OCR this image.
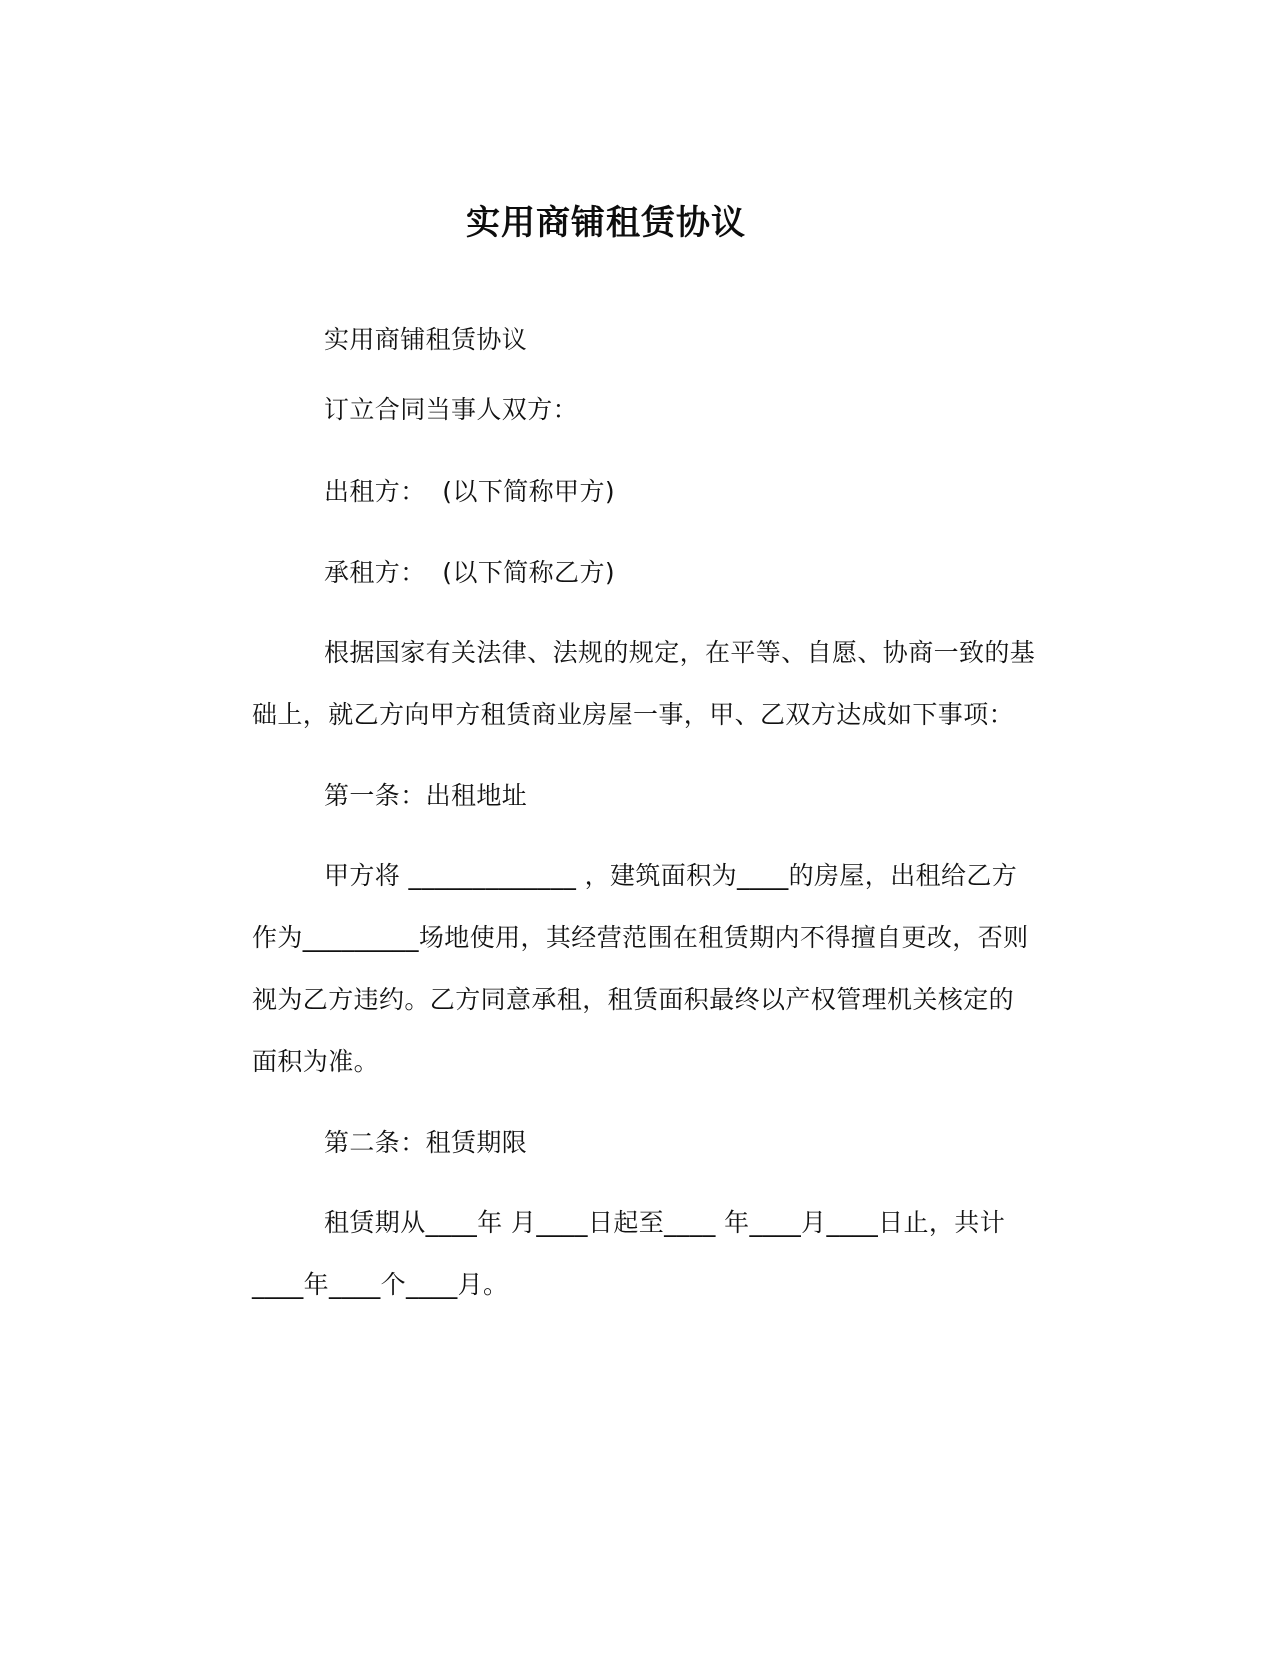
实用商铺租赁协议
实用商铺租赁协议
订立合同当事人双方：
出租方：  (以下简称甲方)
承租方：  (以下简称乙方)
根据国家有关法律、法规的规定，在平等、自愿、协商一致的基
础上，就乙方向甲方租赁商业房屋一事，甲、乙双方达成如下事项：
第一条：出租地址
甲方将 _____________ ，建筑面积为____的房屋，出租给乙方
作为_________场地使用，其经营范围在租赁期内不得擅自更改，否则
视为乙方违约。乙方同意承租，租赁面积最终以产权管理机关核定的
面积为准。
第二条：租赁期限
租赁期从____年 月____日起至____ 年____月____日止，共计
____年____个____月。
